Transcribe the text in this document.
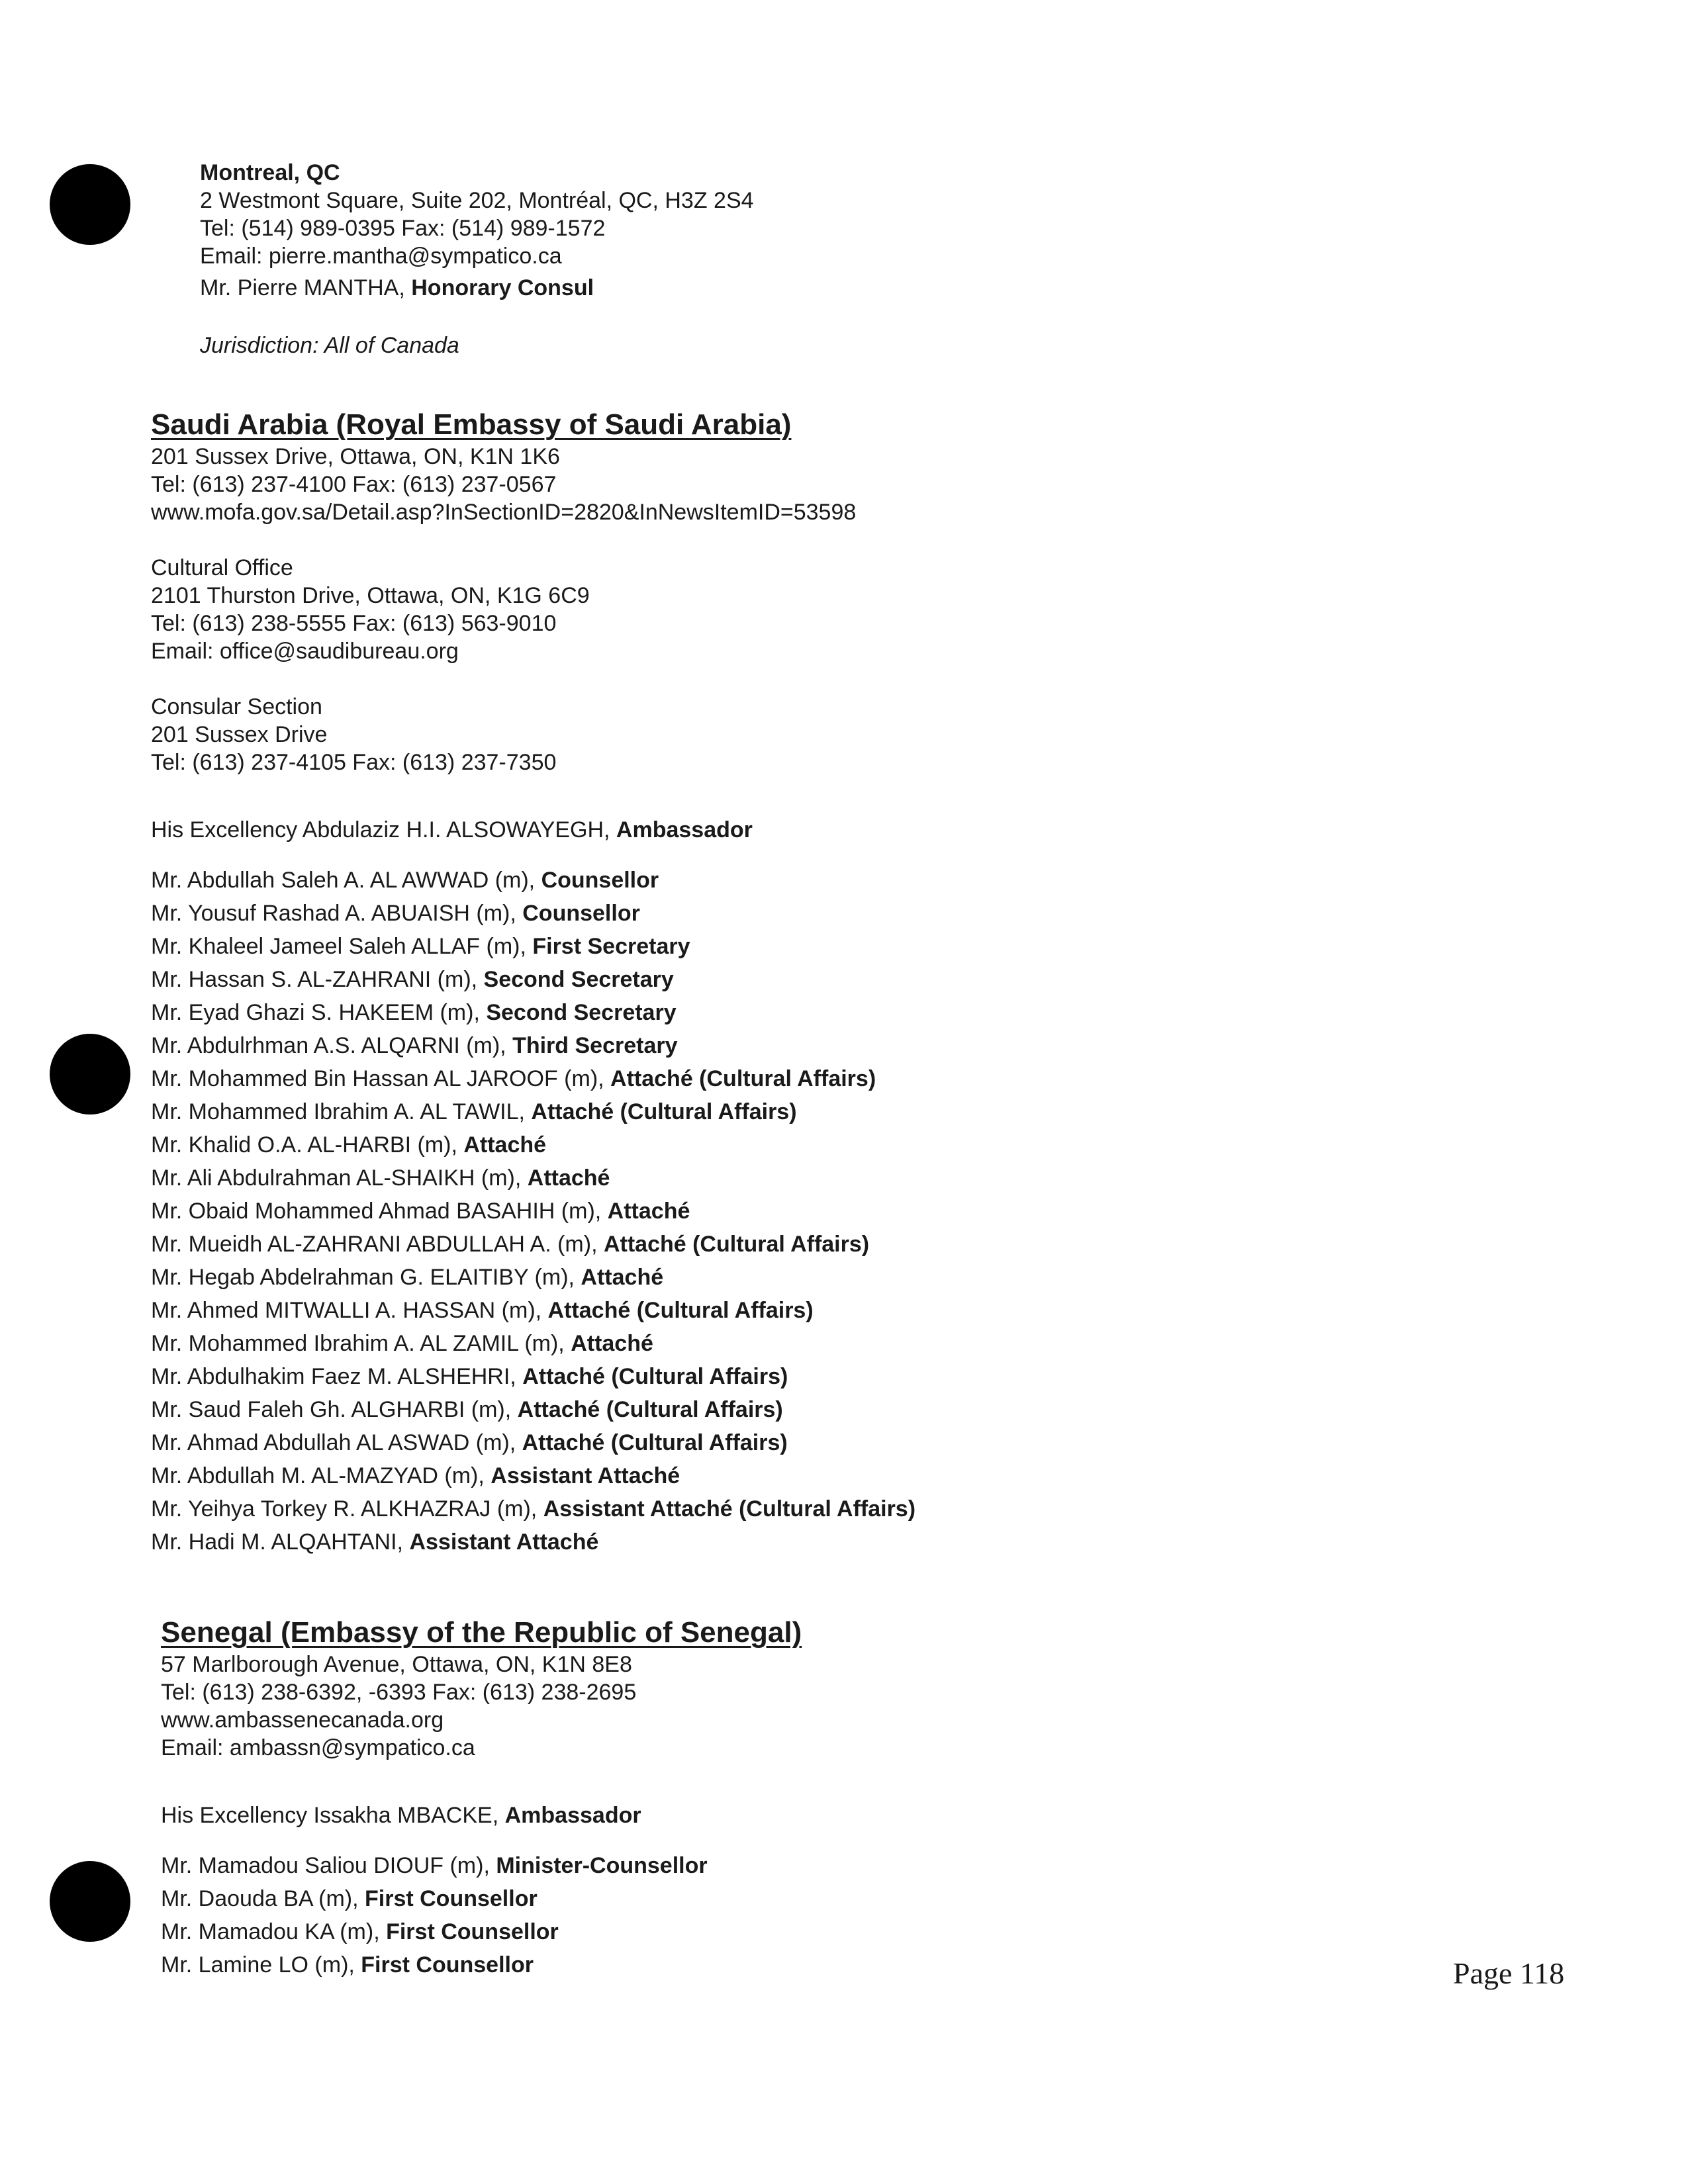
Montreal, QC
2 Westmont Square, Suite 202, Montréal, QC, H3Z 2S4
Tel: (514) 989-0395 Fax: (514) 989-1572
Email: pierre.mantha@sympatico.ca
Mr. Pierre MANTHA, Honorary Consul
Jurisdiction: All of Canada
Saudi Arabia (Royal Embassy of Saudi Arabia)
201 Sussex Drive, Ottawa, ON, K1N 1K6
Tel: (613) 237-4100 Fax: (613) 237-0567
www.mofa.gov.sa/Detail.asp?InSectionID=2820&InNewsItemID=53598
Cultural Office
2101 Thurston Drive, Ottawa, ON, K1G 6C9
Tel: (613) 238-5555 Fax: (613) 563-9010
Email: office@saudibureau.org
Consular Section
201 Sussex Drive
Tel: (613) 237-4105 Fax: (613) 237-7350
His Excellency Abdulaziz H.I. ALSOWAYEGH, Ambassador
Mr. Abdullah Saleh A. AL AWWAD (m), Counsellor
Mr. Yousuf Rashad A. ABUAISH (m), Counsellor
Mr. Khaleel Jameel Saleh ALLAF (m), First Secretary
Mr. Hassan S. AL-ZAHRANI (m), Second Secretary
Mr. Eyad Ghazi S. HAKEEM (m), Second Secretary
Mr. Abdulrhman A.S. ALQARNI (m), Third Secretary
Mr. Mohammed Bin Hassan AL JAROOF (m), Attaché (Cultural Affairs)
Mr. Mohammed Ibrahim A. AL TAWIL, Attaché (Cultural Affairs)
Mr. Khalid O.A. AL-HARBI (m), Attaché
Mr. Ali Abdulrahman AL-SHAIKH (m), Attaché
Mr. Obaid Mohammed Ahmad BASAHIH (m), Attaché
Mr. Mueidh AL-ZAHRANI ABDULLAH A. (m), Attaché (Cultural Affairs)
Mr. Hegab Abdelrahman G. ELAITIBY (m), Attaché
Mr. Ahmed MITWALLI A. HASSAN (m), Attaché (Cultural Affairs)
Mr. Mohammed Ibrahim A. AL ZAMIL (m), Attaché
Mr. Abdulhakim Faez M. ALSHEHRI, Attaché (Cultural Affairs)
Mr. Saud Faleh Gh. ALGHARBI (m), Attaché (Cultural Affairs)
Mr. Ahmad Abdullah AL ASWAD (m), Attaché (Cultural Affairs)
Mr. Abdullah M. AL-MAZYAD (m), Assistant Attaché
Mr. Yeihya Torkey R. ALKHAZRAJ (m), Assistant Attaché (Cultural Affairs)
Mr. Hadi M. ALQAHTANI, Assistant Attaché
Senegal (Embassy of the Republic of Senegal)
57 Marlborough Avenue, Ottawa, ON, K1N 8E8
Tel: (613) 238-6392, -6393 Fax: (613) 238-2695
www.ambassenecanada.org
Email: ambassn@sympatico.ca
His Excellency Issakha MBACKE, Ambassador
Mr. Mamadou Saliou DIOUF (m), Minister-Counsellor
Mr. Daouda BA (m), First Counsellor
Mr. Mamadou KA (m), First Counsellor
Mr. Lamine LO (m), First Counsellor	Page 118
